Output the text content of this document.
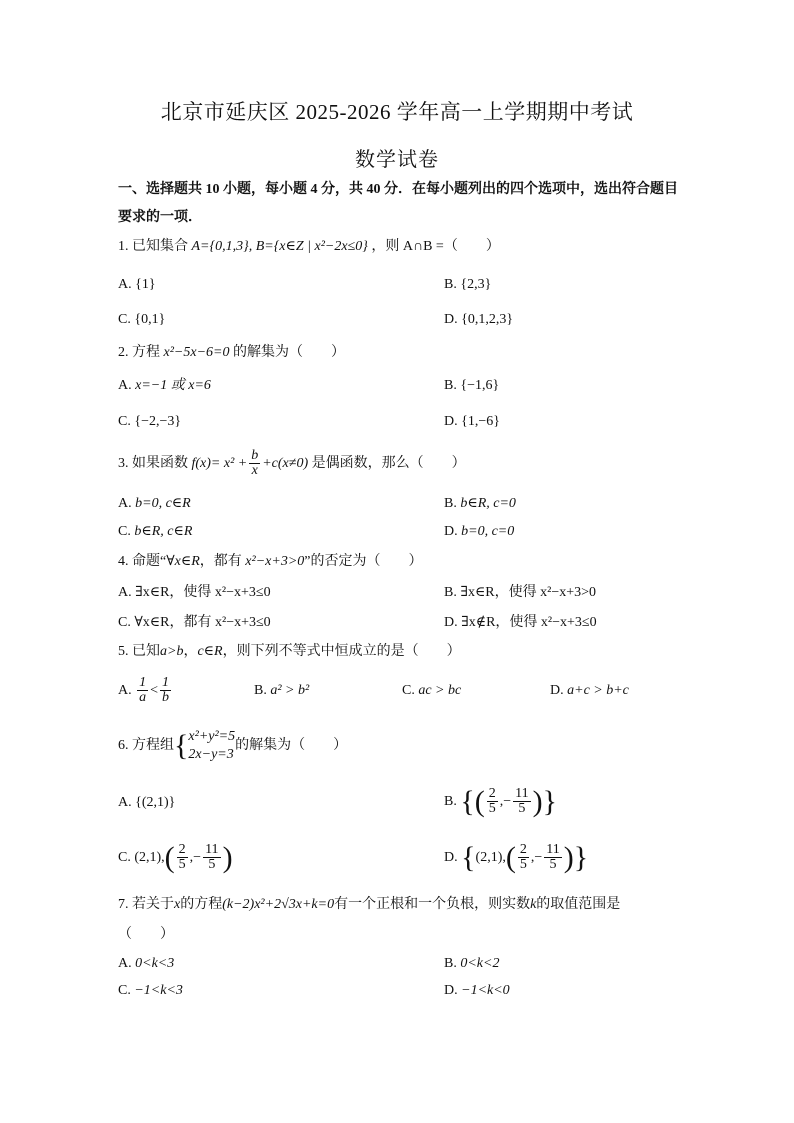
北京市延庆区 2025-2026 学年高一上学期期中考试
数学试卷
一、选择题共 10 小题，每小题 4 分，共 40 分．在每小题列出的四个选项中，选出符合题目要求的一项．
1. 已知集合 A={0,1,3}, B={x∈Z | x²−2x≤0} ，则 A∩B =（　　）
A. {1}	B. {2,3}
C. {0,1}	D. {0,1,2,3}
2. 方程 x²−5x−6=0 的解集为（　　）
A. x=−1 或 x=6	B. {−1,6}
C. {−2,−3}	D. {1,−6}
3. 如果函数 $f(x)= x^2 + \frac{b}{x} +c(x\ne 0)$ 是偶函数，那么（　　）
A. b=0, c∈R	B. b∈R, c=0
C. b∈R, c∈R	D. b=0, c=0
4. 命题“∀x∈R，都有 x²−x+3>0”的否定为（　　）
A. ∃x∈R，使得 x²−x+3≤0	B. ∃x∈R，使得 x²−x+3>0
C. ∀x∈R，都有 x²−x+3≤0	D. ∃x∉R，使得 x²−x+3≤0
5. 已知a>b，c∈R，则下列不等式中恒成立的是（　　）
A. $\frac{1}{a} < \frac{1}{b}$	B. a² > b²	C. ac > bc	D. a+c > b+c
6. 方程组{ x²+y²=5
2x−y=3
的解集为（　　）
A. {(2,1)}	B. {( $\frac{2}{5}$ ,− $\frac{11}{5}$ )}
C. $(2,1),( \frac{2}{5}$ ,− $\frac{11}{5}$ )	D. {$(2,1),( \frac{2}{5}$ ,− $\frac{11}{5}$ )}
7. 若关于x的方程(k−2)x²+2√3x+k=0有一个正根和一个负根，则实数k的取值范围是
（　　）
A. 0<k<3	B. 0<k<2
C. −1<k<3	D. −1<k<0
